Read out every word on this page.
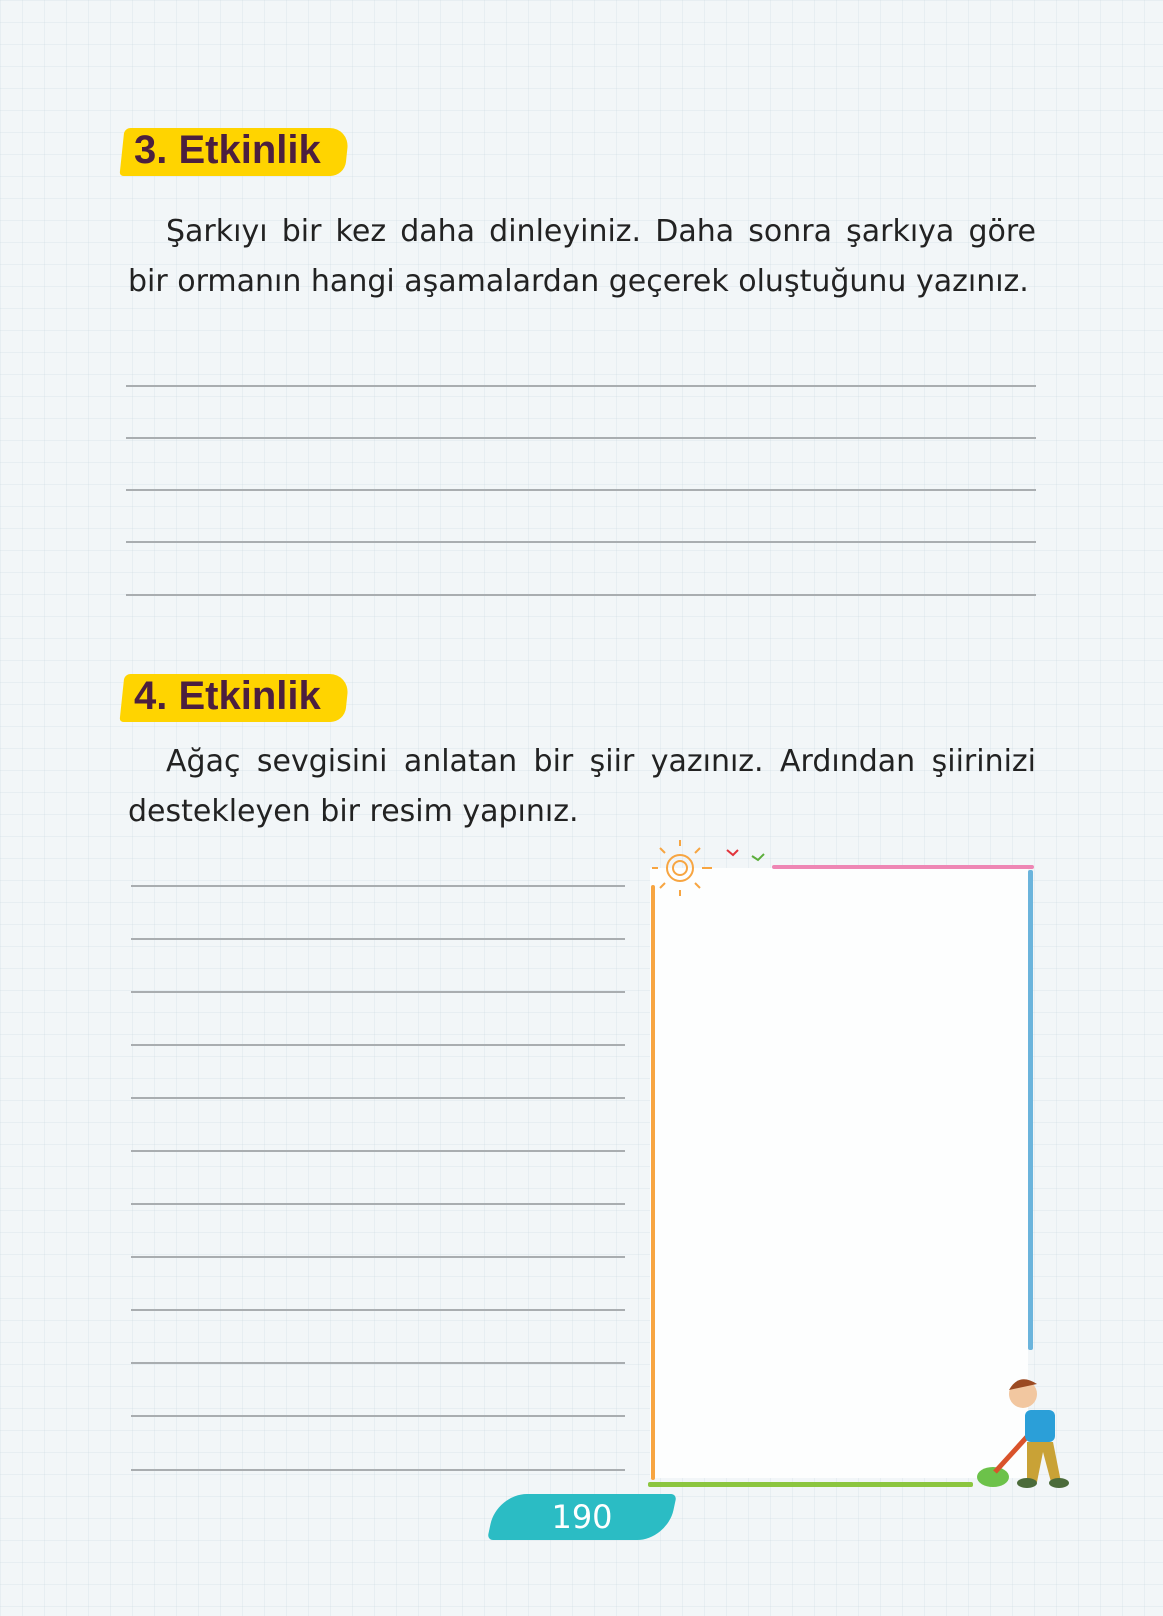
3. Etkinlik
Şarkıyı bir kez daha dinleyiniz. Daha sonra şarkıya göre bir ormanın hangi aşamalardan geçerek oluştuğunu yazınız.
4. Etkinlik
Ağaç sevgisini anlatan bir şiir yazınız. Ardından şiirinizi destekleyen bir resim yapınız.
190
